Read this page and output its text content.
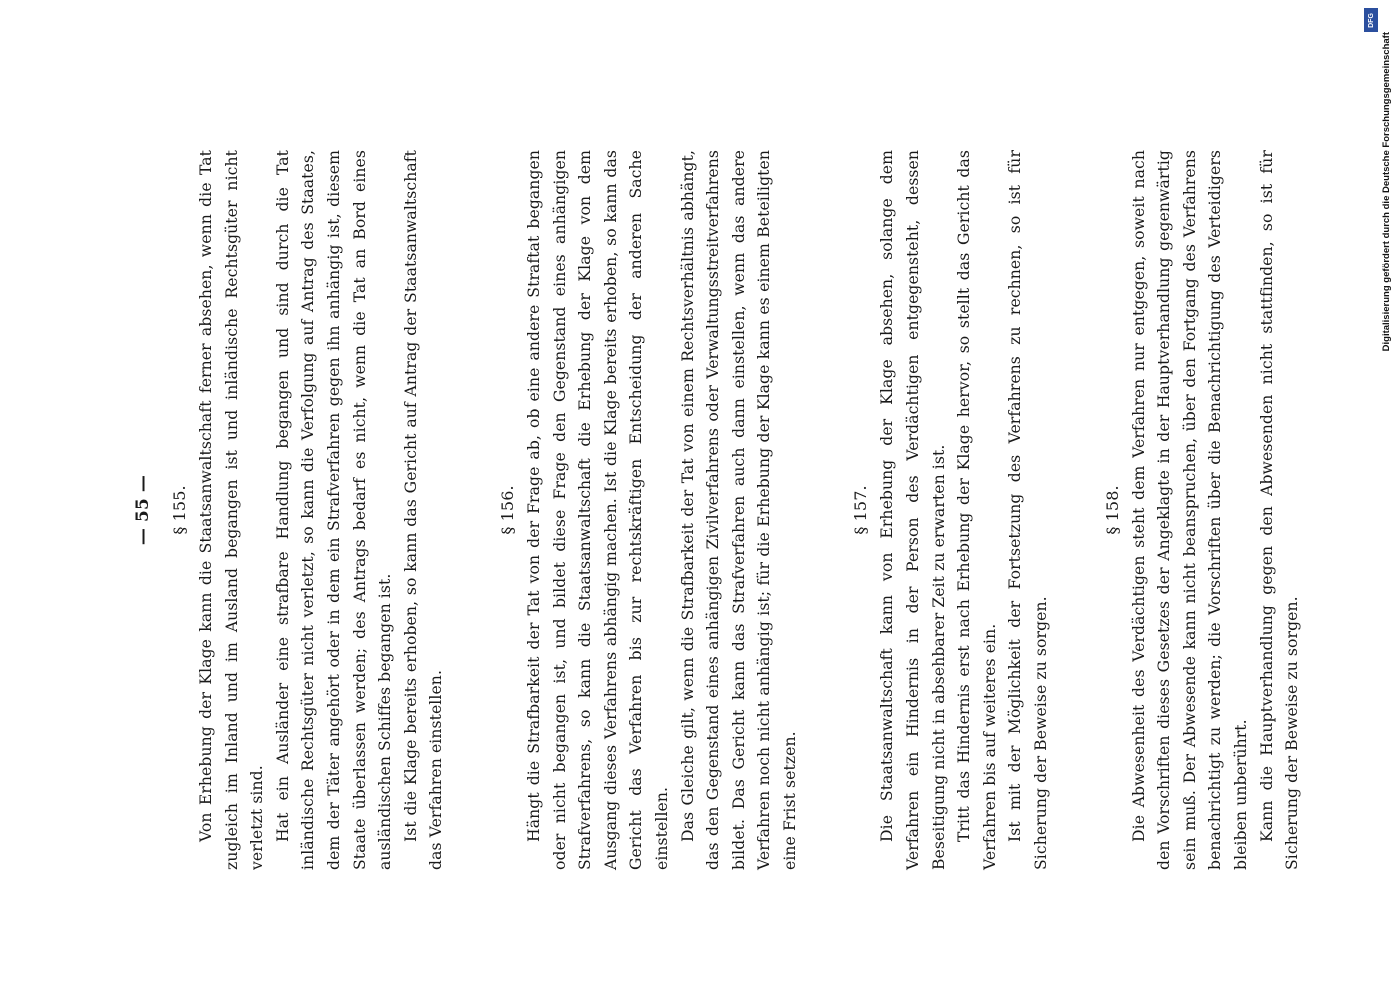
— 55 — § 155. Von Erhebung der Klage kann die Staatsanwaltschaft ferner absehen, wenn die Tat zugleich im Inland und im Ausland begangen ist und inländische Rechtsgüter nicht verletzt sind. Hat ein Ausländer eine strafbare Handlung begangen und sind durch die Tat inländische Rechtsgüter nicht verletzt, so kann die Verfolgung auf Antrag des Staates, dem der Täter angehört oder in dem ein Strafverfahren gegen ihn anhängig ist, diesem Staate überlassen werden; des Antrags bedarf es nicht, wenn die Tat an Bord eines ausländischen Schiffes begangen ist. Ist die Klage bereits erhoben, so kann das Gericht auf Antrag der Staatsanwaltschaft das Verfahren einstellen.

§ 156. Hängt die Strafbarkeit der Tat von der Frage ab, ob eine andere Straftat begangen oder nicht begangen ist, und bildet diese Frage den Gegenstand eines anhängigen Strafverfahrens, so kann die Staatsanwaltschaft die Erhebung der Klage von dem Ausgang dieses Verfahrens abhängig machen. Ist die Klage bereits erhoben, so kann das Gericht das Verfahren bis zur rechtskräftigen Entscheidung der anderen Sache einstellen. Das Gleiche gilt, wenn die Strafbarkeit der Tat von einem Rechtsverhältnis abhängt, das den Gegenstand eines anhängigen Zivilverfahrens oder Verwaltungsstreitverfahrens bildet. Das Gericht kann das Strafverfahren auch dann einstellen, wenn das andere Verfahren noch nicht anhängig ist; für die Erhebung der Klage kann es einem Beteiligten eine Frist setzen.

§ 157. Die Staatsanwaltschaft kann von Erhebung der Klage absehen, solange dem Verfahren ein Hindernis in der Person des Verdächtigen entgegensteht, dessen Beseitigung nicht in absehbarer Zeit zu erwarten ist. Tritt das Hindernis erst nach Erhebung der Klage hervor, so stellt das Gericht das Verfahren bis auf weiteres ein. Ist mit der Möglichkeit der Fortsetzung des Verfahrens zu rechnen, so ist für Sicherung der Beweise zu sorgen.

§ 158. Die Abwesenheit des Verdächtigen steht dem Verfahren nur entgegen, soweit nach den Vorschriften dieses Gesetzes der Angeklagte in der Hauptverhandlung gegenwärtig sein muß. Der Abwesende kann nicht beanspruchen, über den Fortgang des Verfahrens benachrichtigt zu werden; die Vorschriften über die Benachrichtigung des Verteidigers bleiben unberührt. Kann die Hauptverhandlung gegen den Abwesenden nicht stattfinden, so ist für Sicherung der Beweise zu sorgen.

DFG
Digitalisierung gefördert durch die Deutsche Forschungsgemeinschaft
